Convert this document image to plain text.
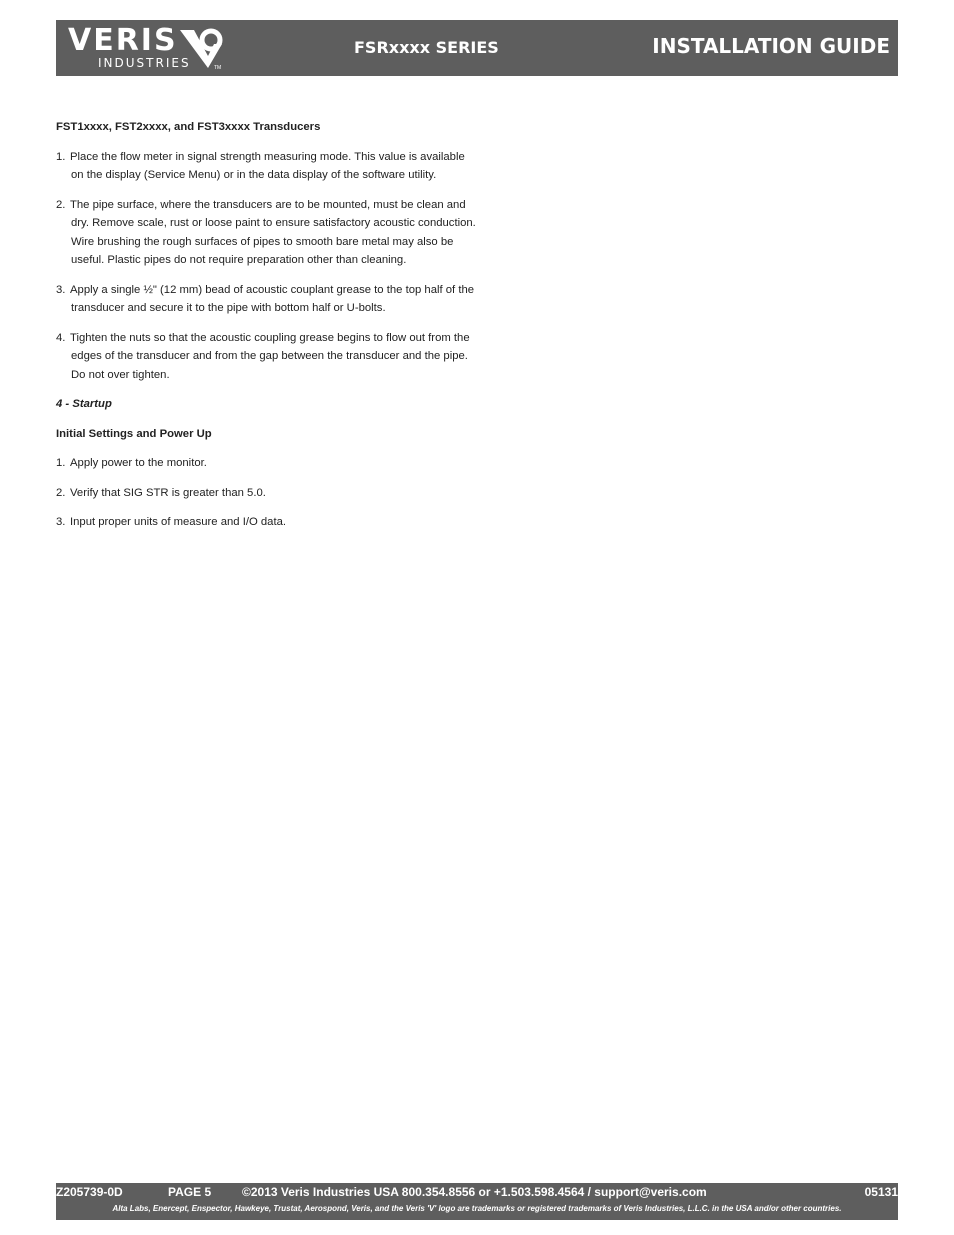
VERIS
INDUSTRIES	TM
FSRxxxx SERIES	INSTALLATION GUIDE

FST1xxxx, FST2xxxx, and FST3xxxx Transducers

1. Place the flow meter in signal strength measuring mode. This value is available on the display (Service Menu) or in the data display of the software utility.
2. The pipe surface, where the transducers are to be mounted, must be clean and dry. Remove scale, rust or loose paint to ensure satisfactory acoustic conduction. Wire brushing the rough surfaces of pipes to smooth bare metal may also be useful. Plastic pipes do not require preparation other than cleaning.
3. Apply a single ½" (12 mm) bead of acoustic couplant grease to the top half of the transducer and secure it to the pipe with bottom half or U-bolts.
4. Tighten the nuts so that the acoustic coupling grease begins to flow out from the edges of the transducer and from the gap between the transducer and the pipe. Do not over tighten.

4 - Startup

Initial Settings and Power Up

1. Apply power to the monitor.
2. Verify that SIG STR is greater than 5.0.
3. Input proper units of measure and I/O data.
Z205739-0D	PAGE 5	©2013 Veris Industries USA 800.354.8556 or +1.503.598.4564 / support@veris.com	05131
Alta Labs, Enercept, Enspector, Hawkeye, Trustat, Aerospond, Veris, and the Veris 'V' logo are trademarks or registered trademarks of Veris Industries, L.L.C. in the USA and/or other countries.
